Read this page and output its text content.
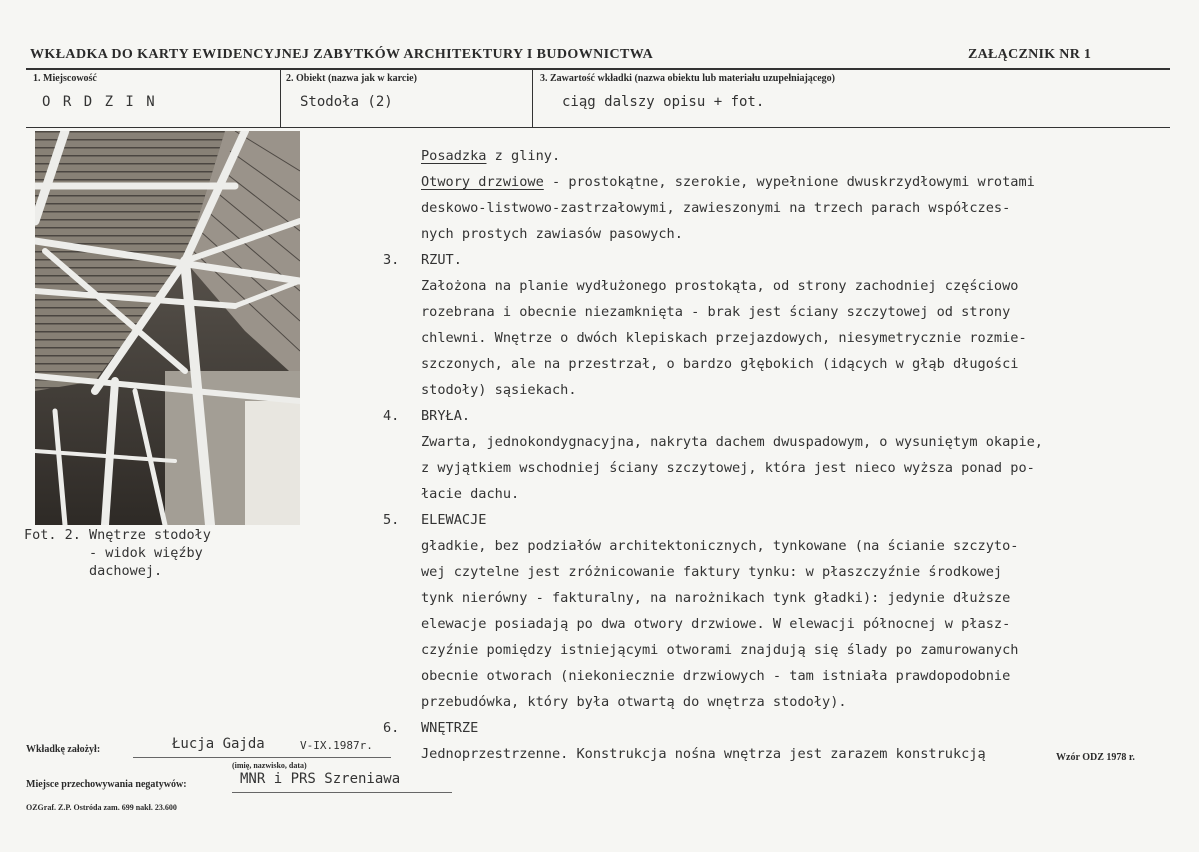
WKŁADKA DO KARTY EWIDENCYJNEJ ZABYTKÓW ARCHITEKTURY I BUDOWNICTWA	ZAŁĄCZNIK NR 1
1. Miejscowość
O R D Z I N
2. Obiekt (nazwa jak w karcie)
Stodoła (2)
3. Zawartość wkładki (nazwa obiektu lub materiału uzupełniającego)
ciąg dalszy opisu + fot.
Fot. 2. Wnętrze stodoły
- widok więźby
dachowej.
Posadzka z gliny.
Otwory drzwiowe - prostokątne, szerokie, wypełnione dwuskrzydłowymi wrotami
deskowo-listwowo-zastrzałowymi, zawieszonymi na trzech parach współczes-
nych prostych zawiasów pasowych.
3. RZUT.
Założona na planie wydłużonego prostokąta, od strony zachodniej częściowo
rozebrana i obecnie niezamknięta - brak jest ściany szczytowej od strony
chlewni. Wnętrze o dwóch klepiskach przejazdowych, niesymetrycznie rozmie-
szczonych, ale na przestrzał, o bardzo głębokich (idących w głąb długości
stodoły) sąsiekach.
4. BRYŁA.
Zwarta, jednokondygnacyjna, nakryta dachem dwuspadowym, o wysuniętym okapie,
z wyjątkiem wschodniej ściany szczytowej, która jest nieco wyższa ponad po-
łacie dachu.
5. ELEWACJE
gładkie, bez podziałów architektonicznych, tynkowane (na ścianie szczyto-
wej czytelne jest zróżnicowanie faktury tynku: w płaszczyźnie środkowej
tynk nierówny - fakturalny, na narożnikach tynk gładki): jedynie dłuższe
elewacje posiadają po dwa otwory drzwiowe. W elewacji północnej w płasz-
czyźnie pomiędzy istniejącymi otworami znajdują się ślady po zamurowanych
obecnie otworach (niekoniecznie drzwiowych - tam istniała prawdopodobnie
przebudówka, który była otwartą do wnętrza stodoły).
6. WNĘTRZE
Jednoprzestrzenne. Konstrukcja nośna wnętrza jest zarazem konstrukcją
Wkładkę założył:	Łucja Gajda	V-IX.1987r.
(imię, nazwisko, data)
Wzór ODZ 1978 r.
Miejsce przechowywania negatywów:	MNR i PRS Szreniawa
OZGraf. Z.P. Ostróda zam. 699 nakł. 23.600
